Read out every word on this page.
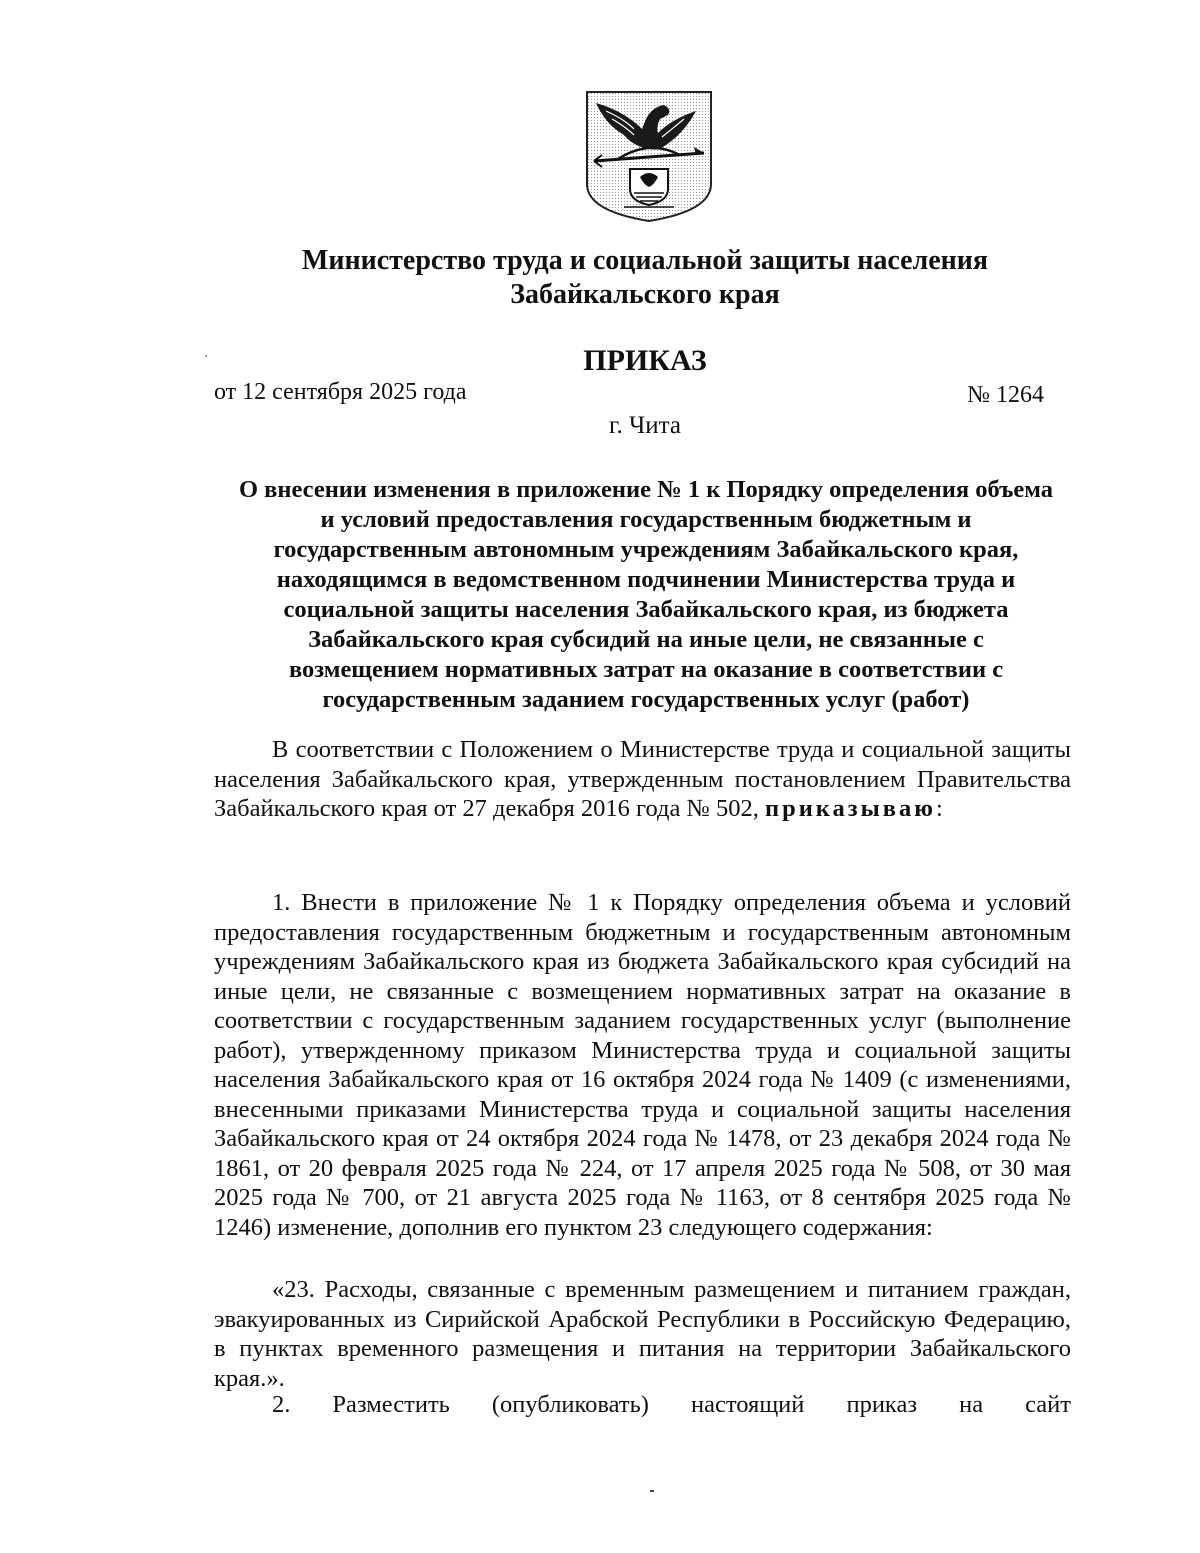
Министерство труда и социальной защиты населения
Забайкальского края
ПРИКАЗ
от 12 сентября 2025 года	№ 1264
г. Чита
О внесении изменения в приложение № 1 к Порядку определения объема
и условий предоставления государственным бюджетным и
государственным автономным учреждениям Забайкальского края,
находящимся в ведомственном подчинении Министерства труда и
социальной защиты населения Забайкальского края, из бюджета
Забайкальского края субсидий на иные цели, не связанные с
возмещением нормативных затрат на оказание в соответствии с
государственным заданием государственных услуг (работ)

В соответствии с Положением о Министерстве труда и социальной защиты населения Забайкальского края, утвержденным постановлением Правительства Забайкальского края от 27 декабря 2016 года № 502, приказываю:

1. Внести в приложение № 1 к Порядку определения объема и условий предоставления государственным бюджетным и государственным автономным учреждениям Забайкальского края из бюджета Забайкальского края субсидий на иные цели, не связанные с возмещением нормативных затрат на оказание в соответствии с государственным заданием государственных услуг (выполнение работ), утвержденному приказом Министерства труда и социальной защиты населения Забайкальского края от 16 октября 2024 года № 1409 (с изменениями, внесенными приказами Министерства труда и социальной защиты населения Забайкальского края от 24 октября 2024 года № 1478, от 23 декабря 2024 года № 1861, от 20 февраля 2025 года № 224, от 17 апреля 2025 года № 508, от 30 мая 2025 года № 700, от 21 августа 2025 года № 1163, от 8 сентября 2025 года № 1246) изменение, дополнив его пунктом 23 следующего содержания:

«23. Расходы, связанные с временным размещением и питанием граждан, эвакуированных из Сирийской Арабской Республики в Российскую Федерацию, в пунктах временного размещения и питания на территории Забайкальского края.».

2. Разместить (опубликовать) настоящий приказ на сайт
